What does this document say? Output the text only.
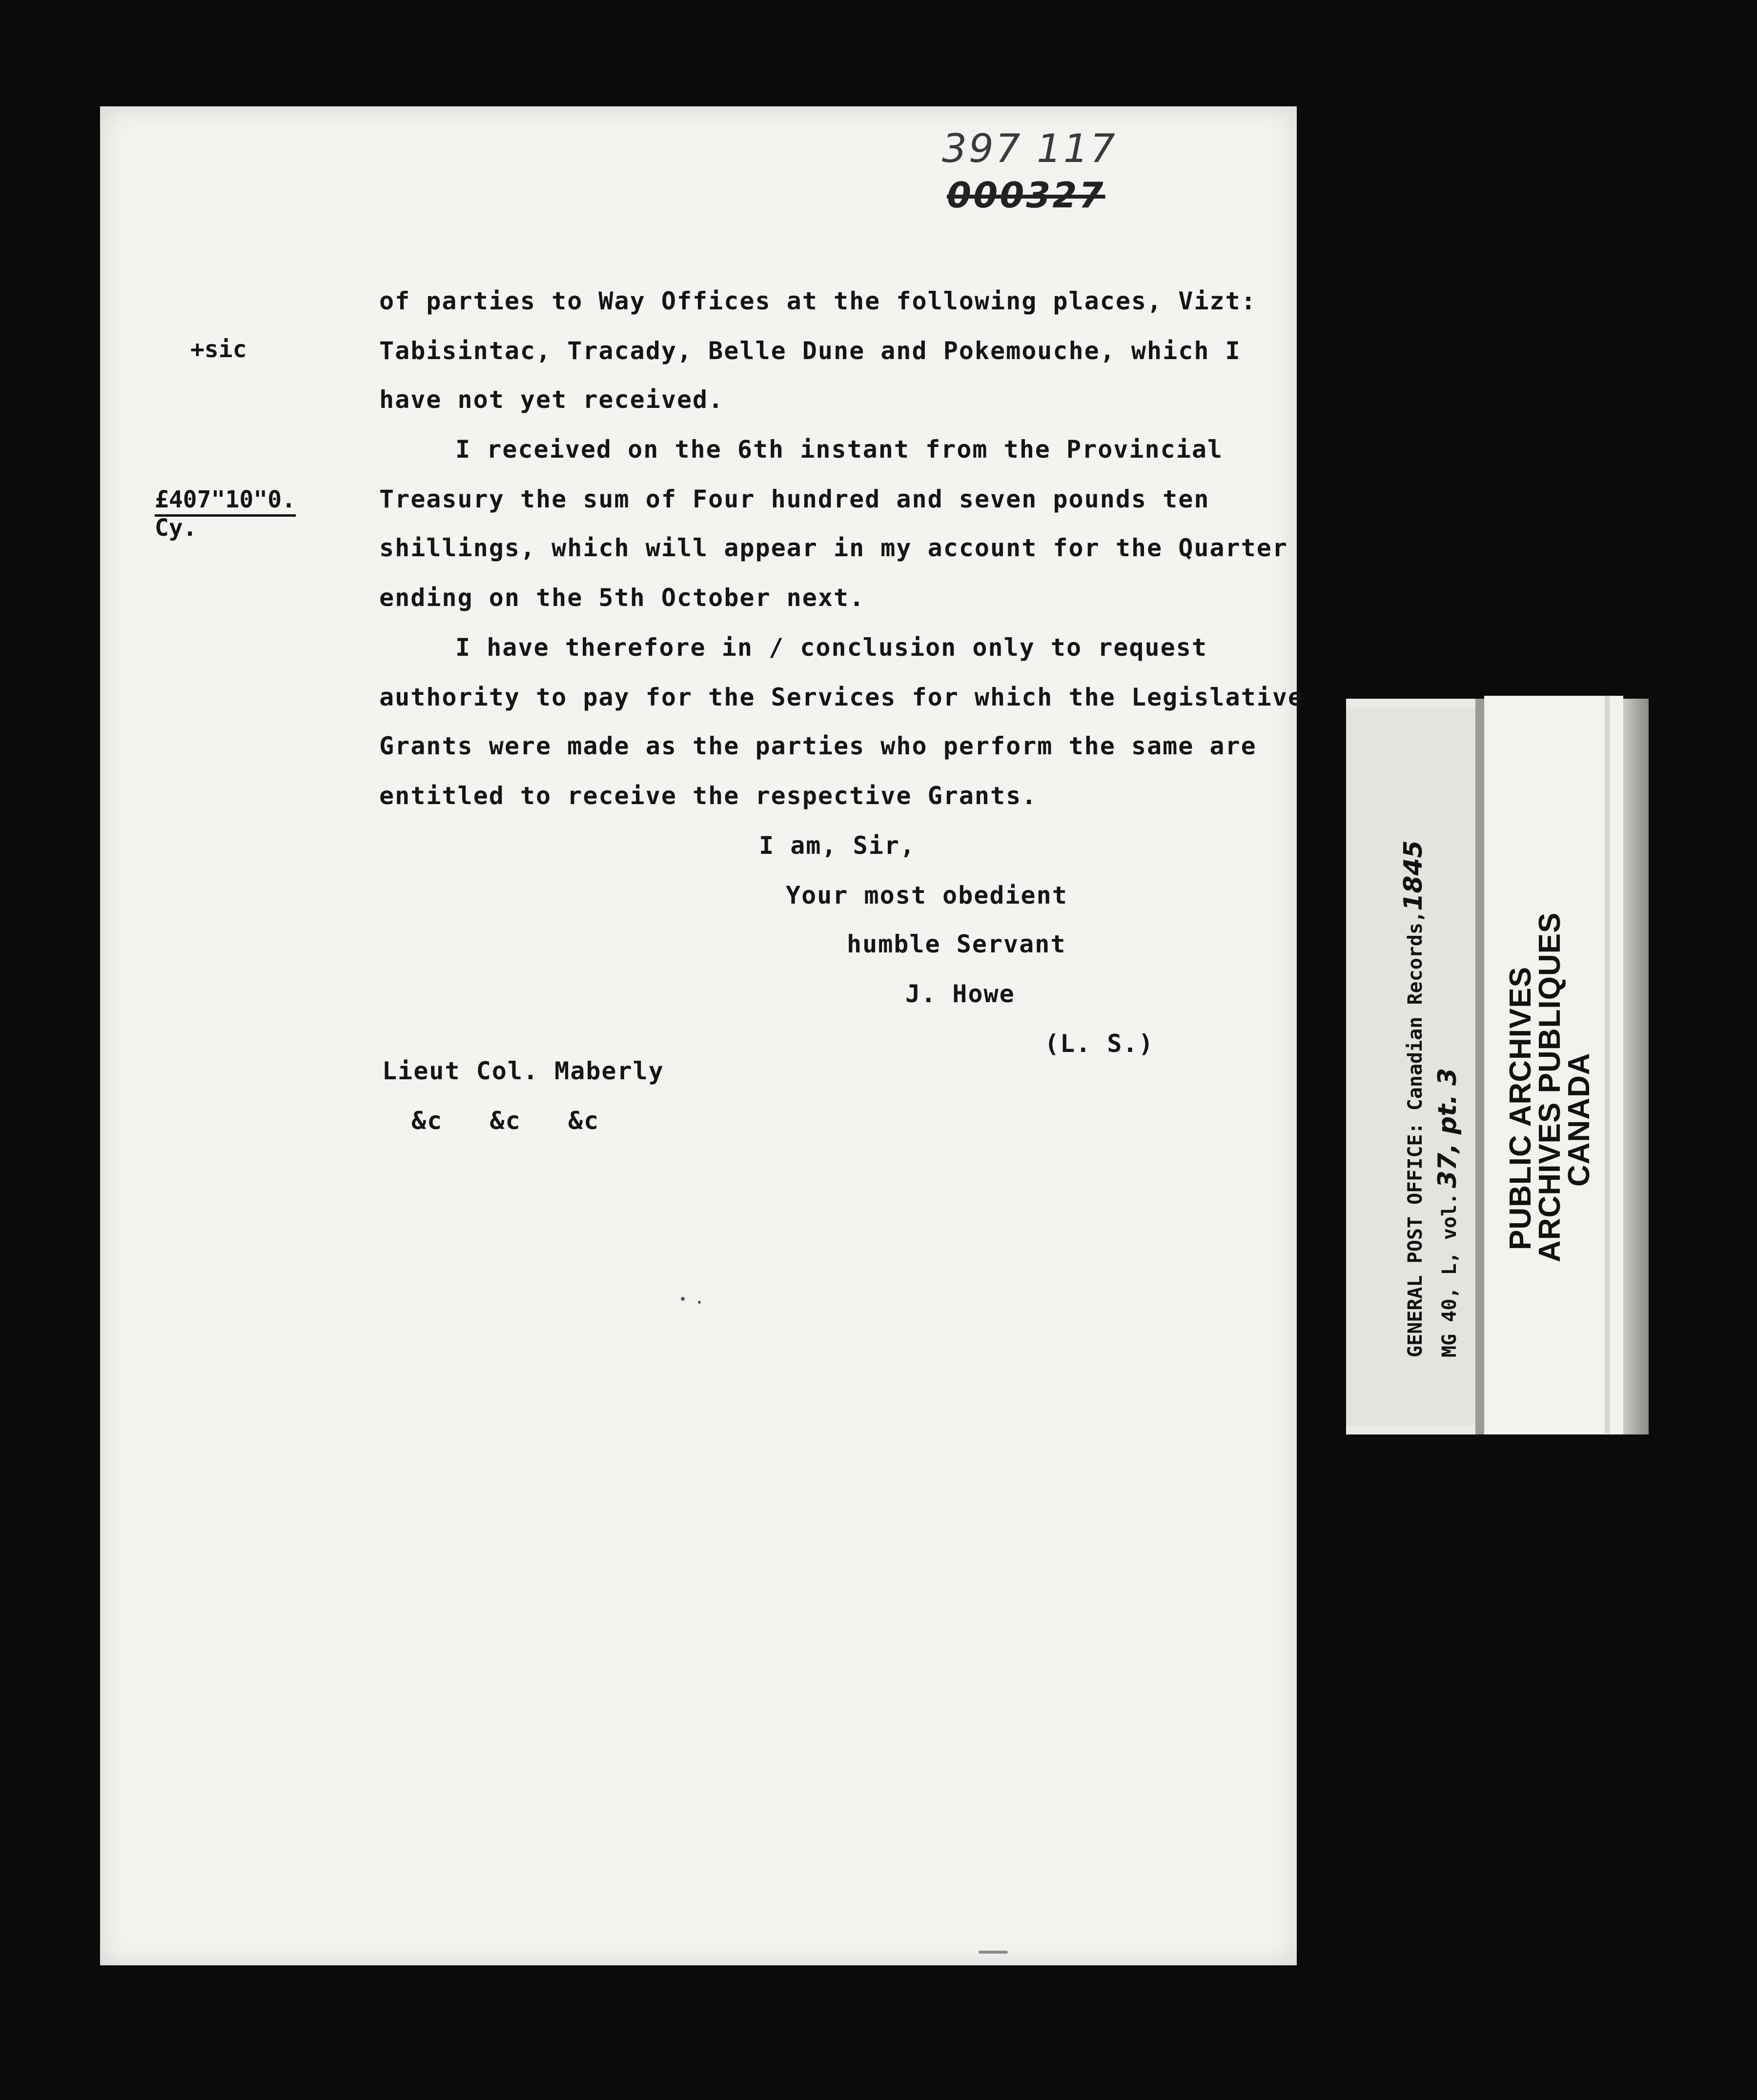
397 117
000327
+sic
£407"10"0.
Cy.
of parties to Way Offices at the following places, Vizt:
Tabisintac, Tracady, Belle Dune and Pokemouche, which I
have not yet received.
I received on the 6th instant from the Provincial
Treasury the sum of Four hundred and seven pounds ten
shillings, which will appear in my account for the Quarter
ending on the 5th October next.
I have therefore in / conclusion only to request
authority to pay for the Services for which the Legislative
Grants were made as the parties who perform the same are
entitled to receive the respective Grants.
I am, Sir,
Your most obedient
humble Servant
J. Howe
(L. S.)
Lieut Col. Maberly
&c   &c   &c	GENERAL POST OFFICE: Canadian Records,1845
MG 40, L, vol. 37, pt. 3 PUBLIC ARCHIVES
ARCHIVES PUBLIQUES
CANADA
